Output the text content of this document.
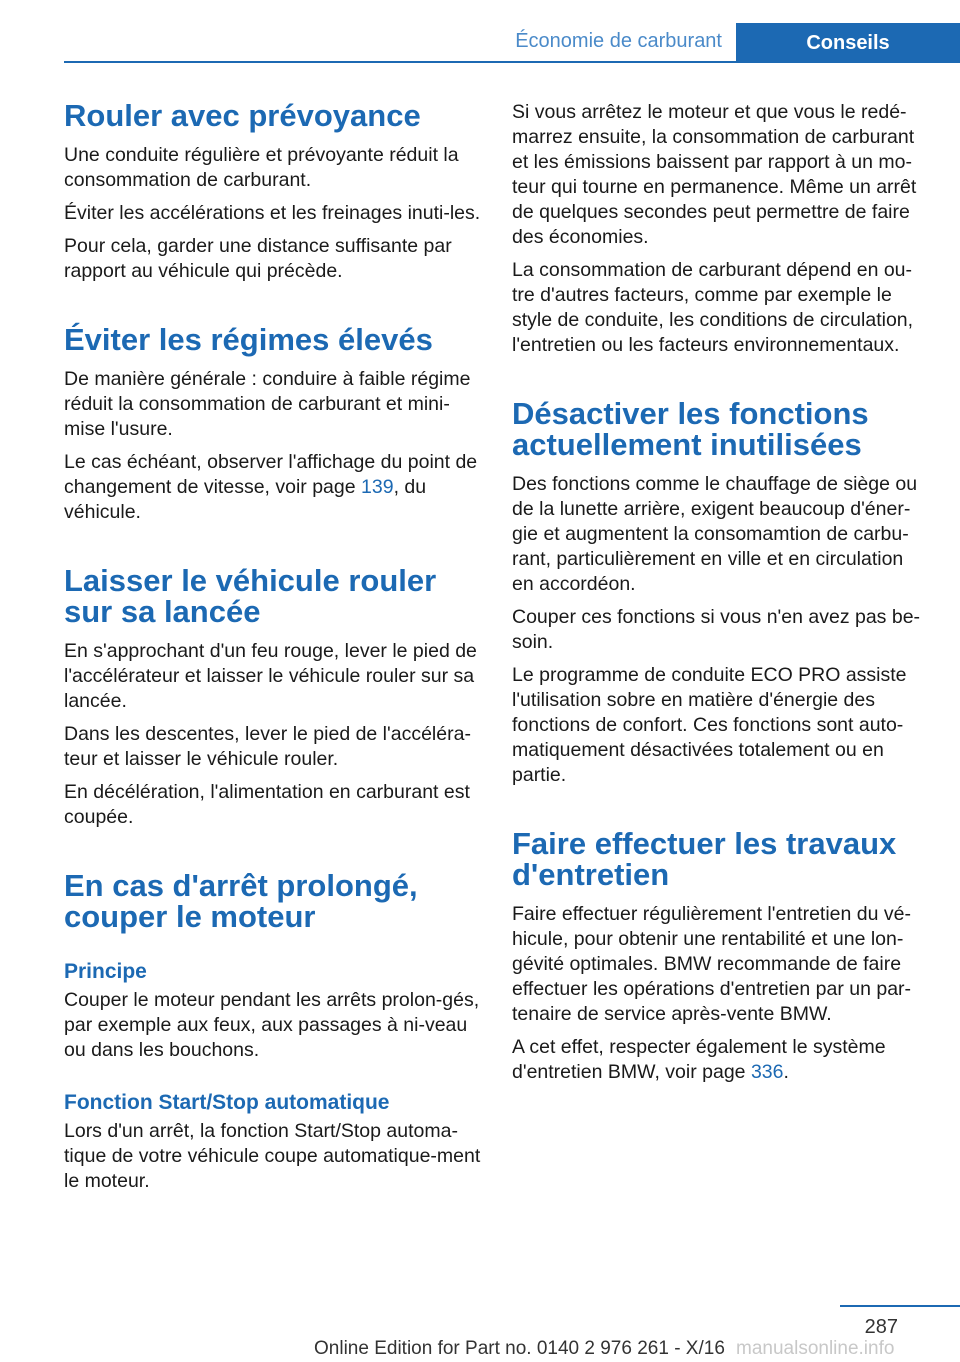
Économie de carburant	Conseils
Rouler avec prévoyance

Une conduite régulière et prévoyante réduit la consommation de carburant.

Éviter les accélérations et les freinages inuti‐les.

Pour cela, garder une distance suffisante par rapport au véhicule qui précède.

Éviter les régimes élevés

De manière générale : conduire à faible régime réduit la consommation de carburant et mini‐mise l'usure.

Le cas échéant, observer l'affichage du point de changement de vitesse, voir page 139, du véhicule.

Laisser le véhicule rouler sur sa lancée

En s'approchant d'un feu rouge, lever le pied de l'accélérateur et laisser le véhicule rouler sur sa lancée.

Dans les descentes, lever le pied de l'accéléra‐teur et laisser le véhicule rouler.

En décélération, l'alimentation en carburant est coupée.

En cas d'arrêt prolongé, couper le moteur
Principe

Couper le moteur pendant les arrêts prolon‐gés, par exemple aux feux, aux passages à ni‐veau ou dans les bouchons.

Fonction Start/Stop automatique

Lors d'un arrêt, la fonction Start/Stop automa‐tique de votre véhicule coupe automatique‐ment le moteur.

Si vous arrêtez le moteur et que vous le redé‐marrez ensuite, la consommation de carburant et les émissions baissent par rapport à un mo‐teur qui tourne en permanence. Même un arrêt de quelques secondes peut permettre de faire des économies.

La consommation de carburant dépend en ou‐tre d'autres facteurs, comme par exemple le style de conduite, les conditions de circulation, l'entretien ou les facteurs environnementaux.

Désactiver les fonctions actuellement inutilisées

Des fonctions comme le chauffage de siège ou de la lunette arrière, exigent beaucoup d'éner‐gie et augmentent la consomamtion de carbu‐rant, particulièrement en ville et en circulation en accordéon.

Couper ces fonctions si vous n'en avez pas be‐soin.

Le programme de conduite ECO PRO assiste l'utilisation sobre en matière d'énergie des fonctions de confort. Ces fonctions sont auto‐matiquement désactivées totalement ou en partie.

Faire effectuer les travaux d'entretien

Faire effectuer régulièrement l'entretien du vé‐hicule, pour obtenir une rentabilité et une lon‐gévité optimales. BMW recommande de faire effectuer les opérations d'entretien par un par‐tenaire de service après-vente BMW.

A cet effet, respecter également le système d'entretien BMW, voir page 336.

287
Online Edition for Part no. 0140 2 976 261 - X/16 manualsonline.info
